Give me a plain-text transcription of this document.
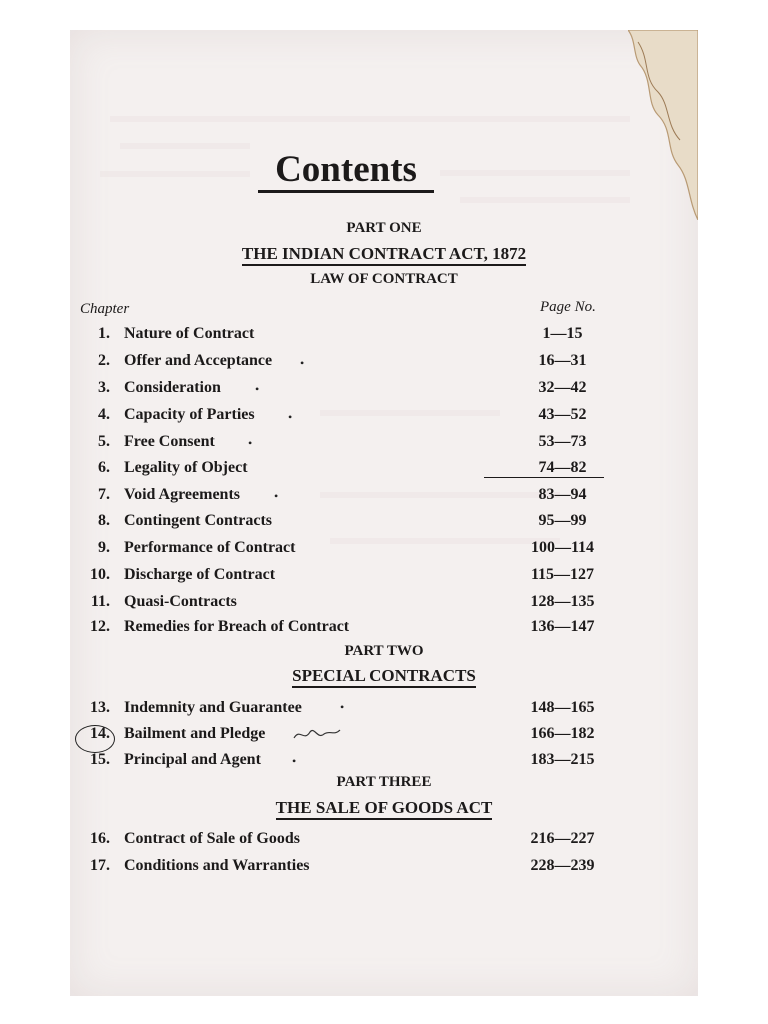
Contents
PART ONE
THE INDIAN CONTRACT ACT, 1872
LAW OF CONTRACT
Chapter	Page No.
1. Nature of Contract	1—15
2. Offer and Acceptance	16—31
3. Consideration	32—42
4. Capacity of Parties	43—52
5. Free Consent	53—73
6. Legality of Object	74—82
7. Void Agreements	83—94
8. Contingent Contracts	95—99
9. Performance of Contract	100—114
10. Discharge of Contract	115—127
11. Quasi-Contracts	128—135
12. Remedies for Breach of Contract	136—147
PART TWO
SPECIAL CONTRACTS
13. Indemnity and Guarantee	148—165
14. Bailment and Pledge	166—182
15. Principal and Agent	183—215
PART THREE
THE SALE OF GOODS ACT
16. Contract of Sale of Goods	216—227
17. Conditions and Warranties	228—239
•
•
•
•
•
•
•
